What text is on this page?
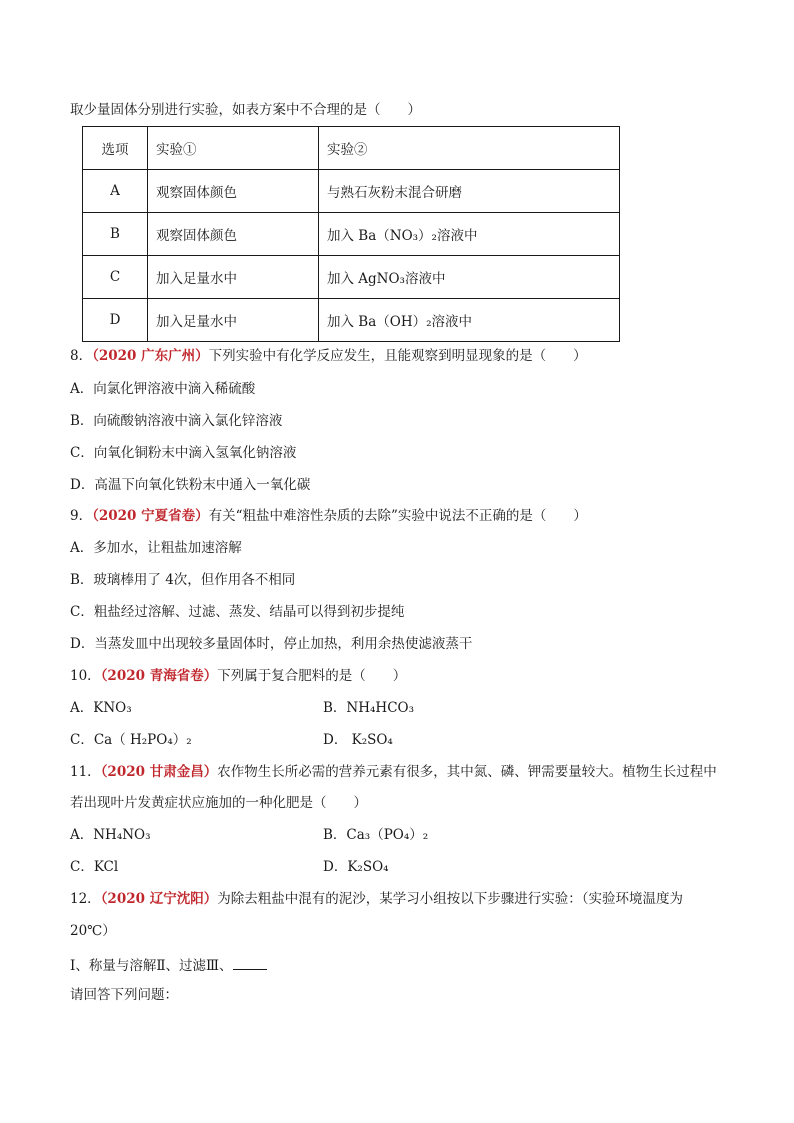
取少量固体分别进行实验，如表方案中不合理的是（　　）
选项	实验①	实验②
A	观察固体颜色	与熟石灰粉末混合研磨
B	观察固体颜色	加入 Ba（NO₃）₂溶液中
C	加入足量水中	加入 AgNO₃溶液中
D	加入足量水中	加入 Ba（OH）₂溶液中
8．（2020 广东广州）下列实验中有化学反应发生，且能观察到明显现象的是（　　）
A．向氯化钾溶液中滴入稀硫酸
B．向硫酸钠溶液中滴入氯化锌溶液
C．向氧化铜粉末中滴入氢氧化钠溶液
D．高温下向氧化铁粉末中通入一氧化碳
9．（2020 宁夏省卷）有关“粗盐中难溶性杂质的去除”实验中说法不正确的是（　　）
A．多加水，让粗盐加速溶解
B．玻璃棒用了 4次，但作用各不相同
C．粗盐经过溶解、过滤、蒸发、结晶可以得到初步提纯
D．当蒸发皿中出现较多量固体时，停止加热，利用余热使滤液蒸干
10．（2020 青海省卷）下列属于复合肥料的是（　　）
A．KNO₃	B．NH₄HCO₃
C．Ca（ H₂PO₄）₂	D． K₂SO₄
11．（2020 甘肃金昌）农作物生长所必需的营养元素有很多，其中氮、磷、钾需要量较大。植物生长过程中
若出现叶片发黄症状应施加的一种化肥是（　　）
A．NH₄NO₃	B．Ca₃（PO₄）₂
C．KCl	D．K₂SO₄
12．（2020 辽宁沈阳）为除去粗盐中混有的泥沙，某学习小组按以下步骤进行实验：（实验环境温度为
20℃）
Ⅰ、称量与溶解Ⅱ、过滤Ⅲ、
请回答下列问题：
